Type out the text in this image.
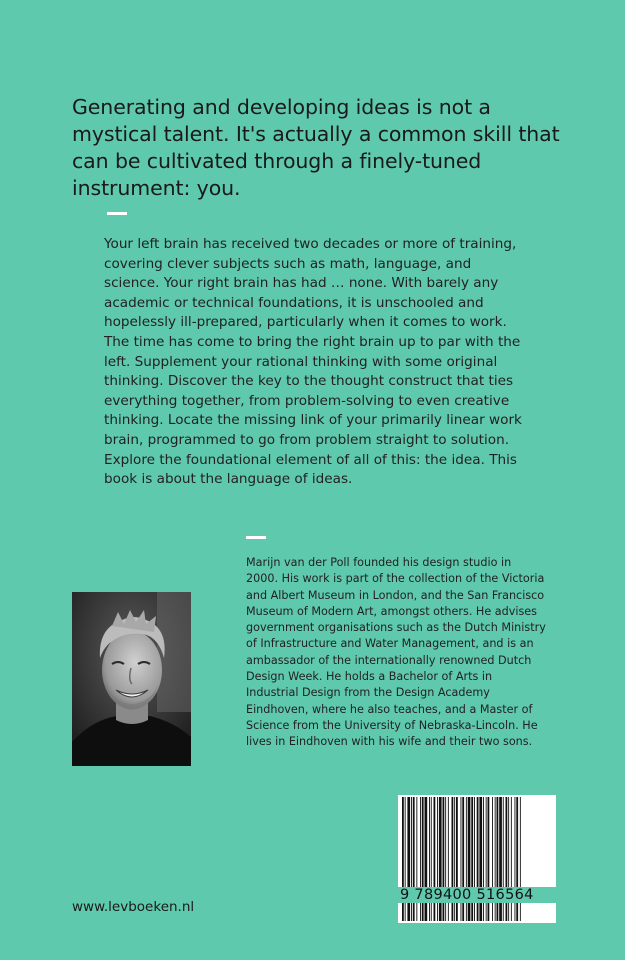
Generating and developing ideas is not a mystical talent. It's actually a common skill that can be cultivated through a finely-tuned instrument: you.

Your left brain has received two decades or more of training, covering clever subjects such as math, language, and science. Your right brain has had … none. With barely any academic or technical foundations, it is unschooled and hopelessly ill-prepared, particularly when it comes to work. The time has come to bring the right brain up to par with the left. Supplement your rational thinking with some original thinking. Discover the key to the thought construct that ties everything together, from problem-solving to even creative thinking. Locate the missing link of your primarily linear work brain, programmed to go from problem straight to solution. Explore the foundational element of all of this: the idea. This book is about the language of ideas.

Marijn van der Poll founded his design studio in 2000. His work is part of the collection of the Victoria and Albert Museum in London, and the San Francisco Museum of Modern Art, amongst others. He advises government organisations such as the Dutch Ministry of Infrastructure and Water Management, and is an ambassador of the internationally renowned Dutch Design Week. He holds a Bachelor of Arts in Industrial Design from the Design Academy Eindhoven, where he also teaches, and a Master of Science from the University of Nebraska-Lincoln. He lives in Eindhoven with his wife and their two sons.

9 789400 516564
www.levboeken.nl
